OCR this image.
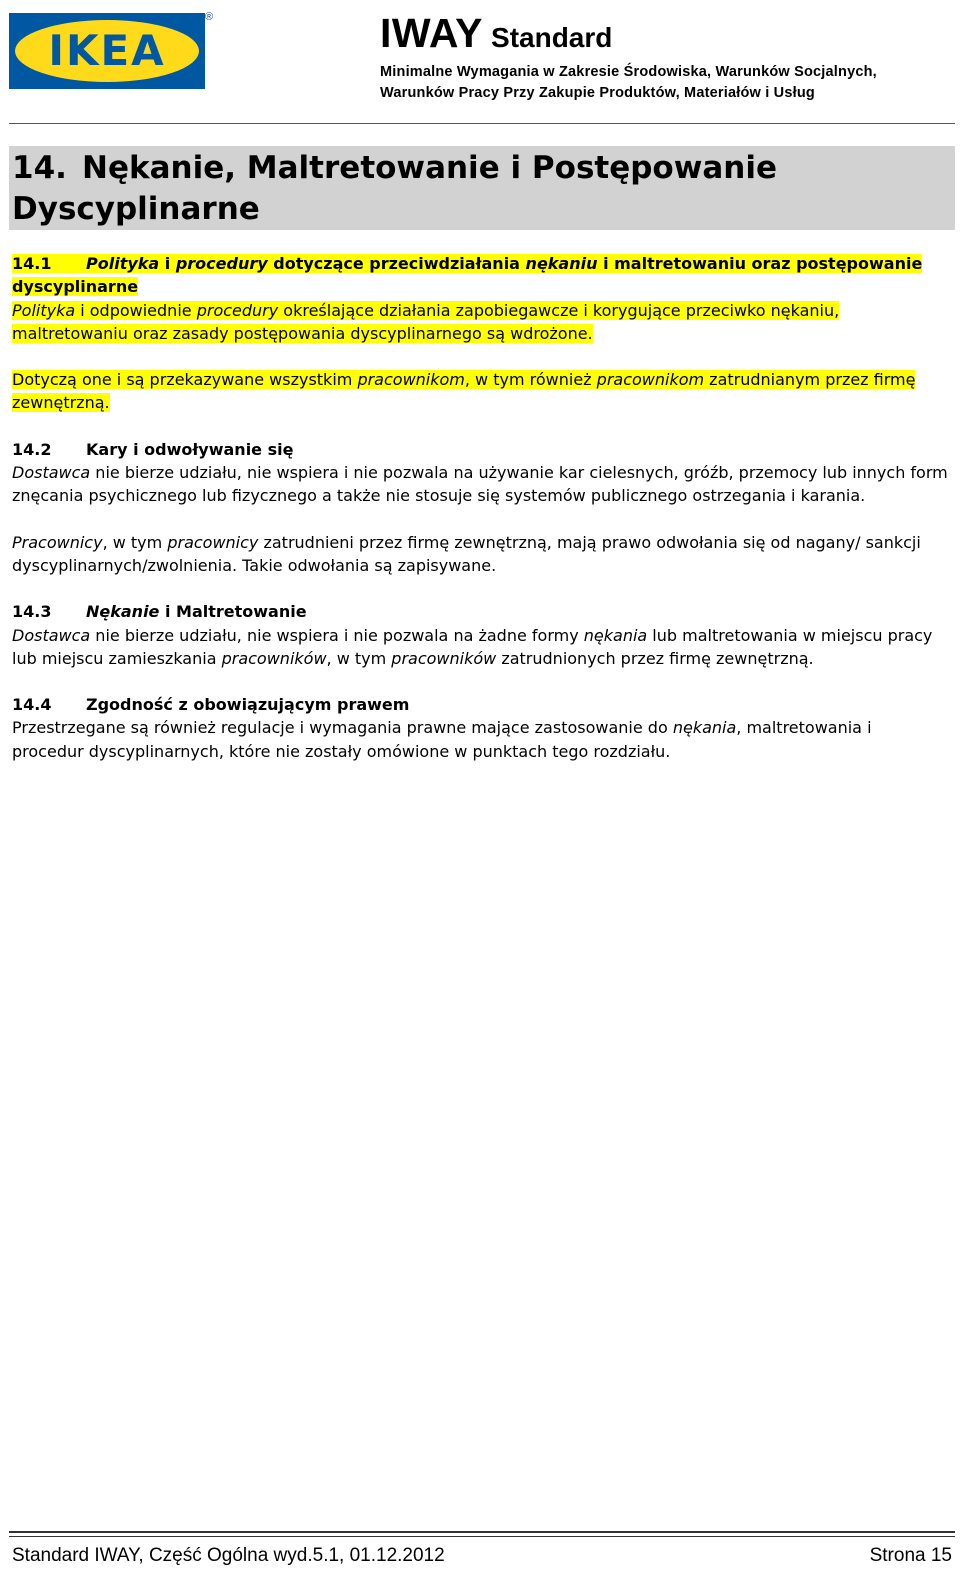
IKEA
®	IWAY Standard
Minimalne Wymagania w Zakresie Środowiska, Warunków Socjalnych,
Warunków Pracy Przy Zakupie Produktów, Materiałów i Usług
14. Nękanie, Maltretowanie i Postępowanie
Dyscyplinarne

14.1 Polityka i procedury dotyczące przeciwdziałania nękaniu i maltretowaniu oraz postępowanie
dyscyplinarne

Polityka i odpowiednie procedury określające działania zapobiegawcze i korygujące przeciwko nękaniu,
maltretowaniu oraz zasady postępowania dyscyplinarnego są wdrożone.

Dotyczą one i są przekazywane wszystkim pracownikom, w tym również pracownikom zatrudnianym przez firmę
zewnętrzną.

14.2 Kary i odwoływanie się

Dostawca nie bierze udziału, nie wspiera i nie pozwala na używanie kar cielesnych, gróźb, przemocy lub innych form
znęcania psychicznego lub fizycznego a także nie stosuje się systemów publicznego ostrzegania i karania.

Pracownicy, w tym pracownicy zatrudnieni przez firmę zewnętrzną, mają prawo odwołania się od nagany/ sankcji
dyscyplinarnych/zwolnienia. Takie odwołania są zapisywane.

14.3 Nękanie i Maltretowanie

Dostawca nie bierze udziału, nie wspiera i nie pozwala na żadne formy nękania lub maltretowania w miejscu pracy
lub miejscu zamieszkania pracowników, w tym pracowników zatrudnionych przez firmę zewnętrzną.

14.4 Zgodność z obowiązującym prawem

Przestrzegane są również regulacje i wymagania prawne mające zastosowanie do nękania, maltretowania i
procedur dyscyplinarnych, które nie zostały omówione w punktach tego rozdziału.

Standard IWAY, Część Ogólna wyd.5.1, 01.12.2012	Strona 15
